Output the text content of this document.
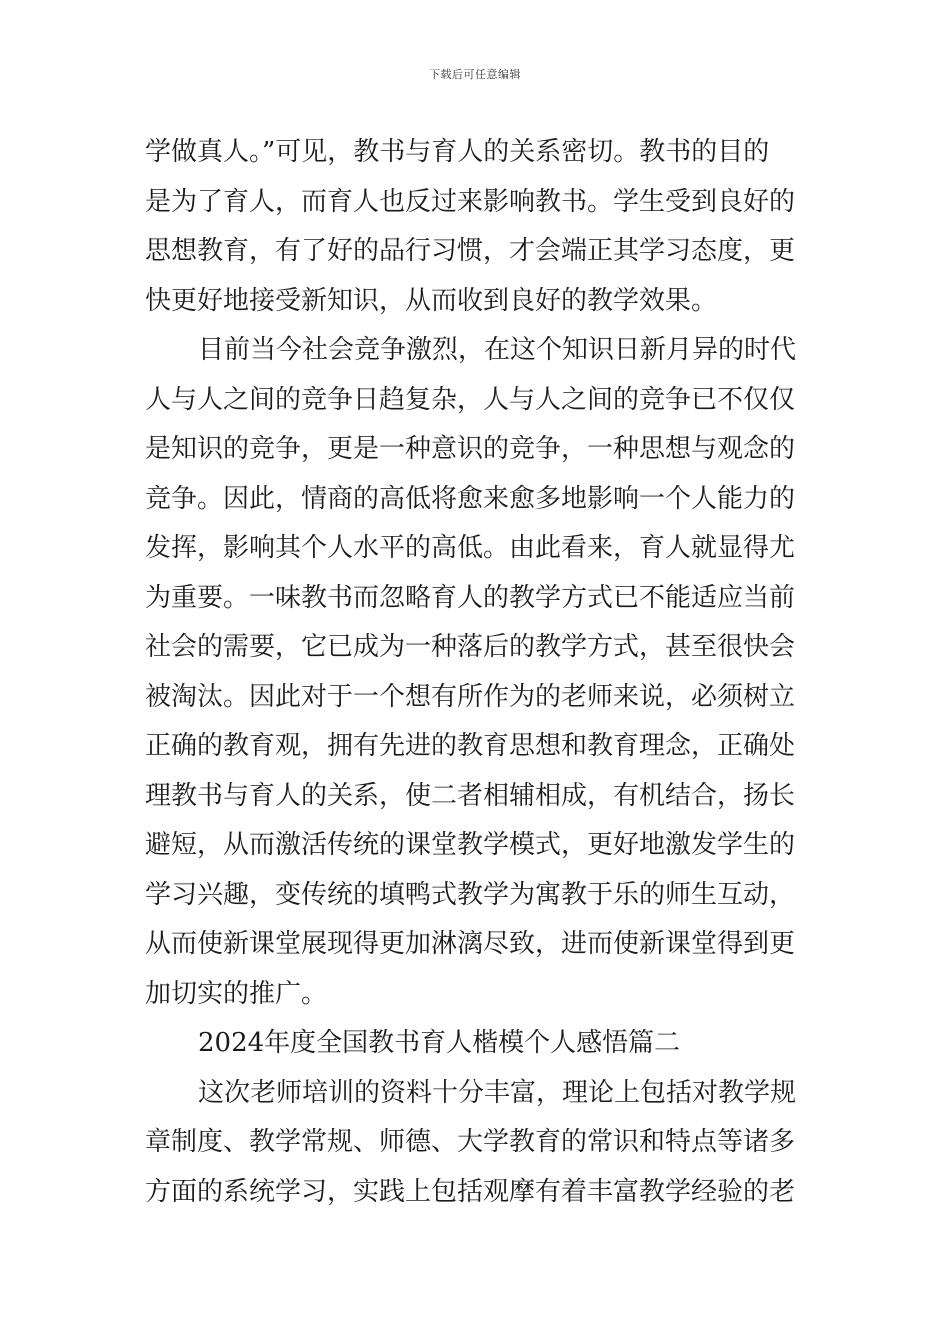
下载后可任意编辑
学做真人。”可见，教书与育人的关系密切。教书的目的
是为了育人，而育人也反过来影响教书。学生受到良好的
思想教育，有了好的品行习惯，才会端正其学习态度，更
快更好地接受新知识，从而收到良好的教学效果。
目前当今社会竞争激烈，在这个知识日新月异的时代
人与人之间的竞争日趋复杂，人与人之间的竞争已不仅仅
是知识的竞争，更是一种意识的竞争，一种思想与观念的
竞争。因此，情商的高低将愈来愈多地影响一个人能力的
发挥，影响其个人水平的高低。由此看来，育人就显得尤
为重要。一味教书而忽略育人的教学方式已不能适应当前
社会的需要，它已成为一种落后的教学方式，甚至很快会
被淘汰。因此对于一个想有所作为的老师来说，必须树立
正确的教育观，拥有先进的教育思想和教育理念，正确处
理教书与育人的关系，使二者相辅相成，有机结合，扬长
避短，从而激活传统的课堂教学模式，更好地激发学生的
学习兴趣，变传统的填鸭式教学为寓教于乐的师生互动，
从而使新课堂展现得更加淋漓尽致，进而使新课堂得到更
加切实的推广。
2024年度全国教书育人楷模个人感悟篇二
这次老师培训的资料十分丰富，理论上包括对教学规
章制度、教学常规、师德、大学教育的常识和特点等诸多
方面的系统学习，实践上包括观摩有着丰富教学经验的老
